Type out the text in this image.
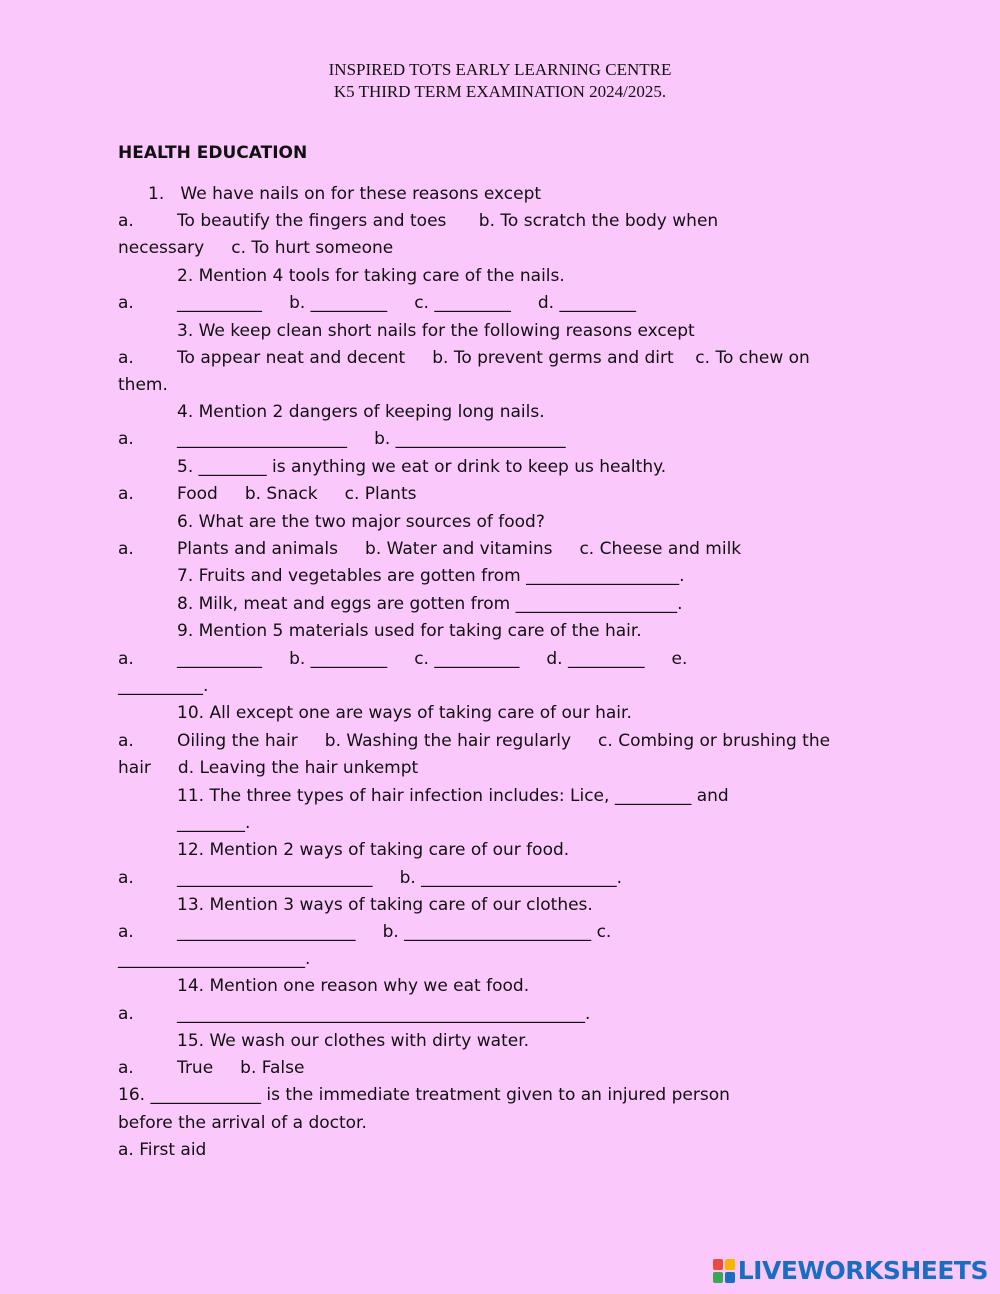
INSPIRED TOTS EARLY LEARNING CENTRE
K5 THIRD TERM EXAMINATION 2024/2025.
HEALTH EDUCATION
1.   We have nails on for these reasons except
a.        To beautify the fingers and toes      b. To scratch the body when
necessary     c. To hurt someone
2. Mention 4 tools for taking care of the nails.
a.        __________     b. _________     c. _________     d. _________
3. We keep clean short nails for the following reasons except
a.        To appear neat and decent     b. To prevent germs and dirt    c. To chew on
them.
4. Mention 2 dangers of keeping long nails.
a.        ____________________     b. ____________________
5. ________ is anything we eat or drink to keep us healthy.
a.        Food     b. Snack     c. Plants
6. What are the two major sources of food?
a.        Plants and animals     b. Water and vitamins     c. Cheese and milk
7. Fruits and vegetables are gotten from __________________.
8. Milk, meat and eggs are gotten from ___________________.
9. Mention 5 materials used for taking care of the hair.
a.        __________     b. _________     c. __________     d. _________     e.
__________.
10. All except one are ways of taking care of our hair.
a.        Oiling the hair     b. Washing the hair regularly     c. Combing or brushing the
hair     d. Leaving the hair unkempt
11. The three types of hair infection includes: Lice, _________ and
________.
12. Mention 2 ways of taking care of our food.
a.        _______________________     b. _______________________.
13. Mention 3 ways of taking care of our clothes.
a.        _____________________     b. ______________________ c.
______________________.
14. Mention one reason why we eat food.
a.        ________________________________________________.
15. We wash our clothes with dirty water.
a.        True     b. False
16. _____________ is the immediate treatment given to an injured person
before the arrival of a doctor.
a. First aid
LIVEWORKSHEETS
